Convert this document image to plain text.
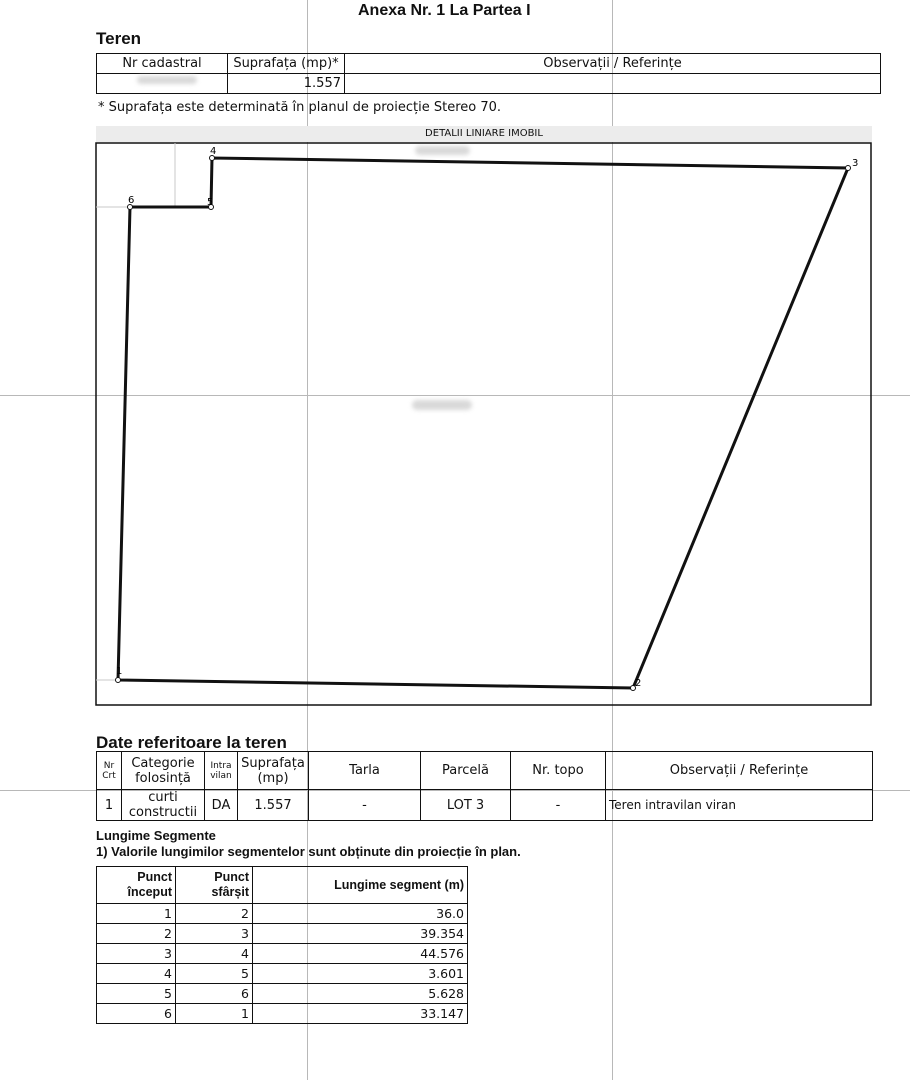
Anexa Nr. 1 La Partea I
Teren
Nr cadastral	Suprafața (mp)*	Observații / Referințe

	1.557	
* Suprafața este determinată în planul de proiecție Stereo 70.
DETALII LINIARE IMOBIL
1
2
3
4
5
6
Date referitoare la teren
Nr Crt	Categorie folosință	Intra vilan	Suprafața (mp)	Tarla	Parcelă	Nr. topo	Observații / Referințe
1	curti constructii	DA	1.557	-	LOT 3	-	Teren intravilan viran
Lungime Segmente
1) Valorile lungimilor segmentelor sunt obținute din proiecție în plan.
Punct început	Punct sfârșit	Lungime segment (m)
1	2	36.0
2	3	39.354
3	4	44.576
4	5	3.601
5	6	5.628
6	1	33.147
